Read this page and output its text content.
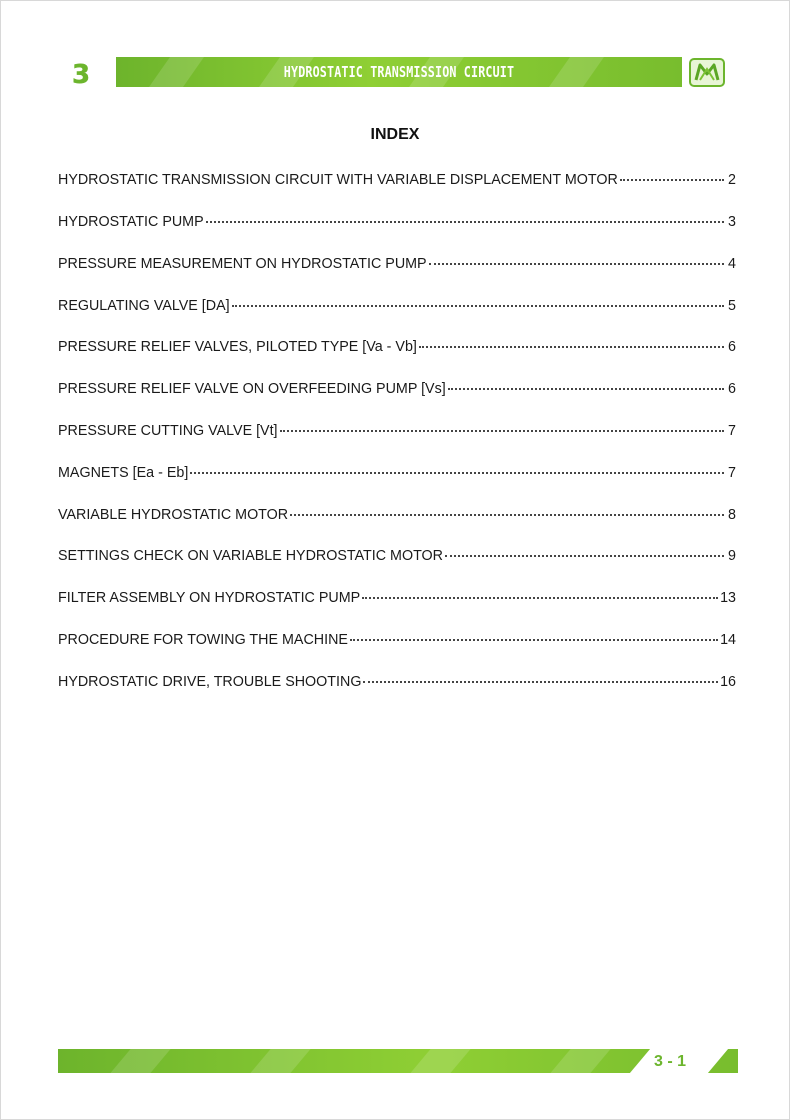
3	HYDROSTATIC TRANSMISSION CIRCUIT
INDEX
HYDROSTATIC TRANSMISSION CIRCUIT WITH VARIABLE DISPLACEMENT MOTOR	2
HYDROSTATIC PUMP	3
PRESSURE MEASUREMENT ON HYDROSTATIC PUMP	4
REGULATING VALVE [DA]	5
PRESSURE RELIEF VALVES, PILOTED TYPE [Va - Vb]	6
PRESSURE RELIEF VALVE ON OVERFEEDING PUMP [Vs]	6
PRESSURE CUTTING VALVE [Vt]	7
MAGNETS [Ea - Eb]	7
VARIABLE HYDROSTATIC MOTOR	8
SETTINGS CHECK ON VARIABLE HYDROSTATIC MOTOR	9
FILTER ASSEMBLY ON HYDROSTATIC PUMP	13
PROCEDURE FOR TOWING THE MACHINE	14
HYDROSTATIC DRIVE, TROUBLE SHOOTING	16
3 - 1
